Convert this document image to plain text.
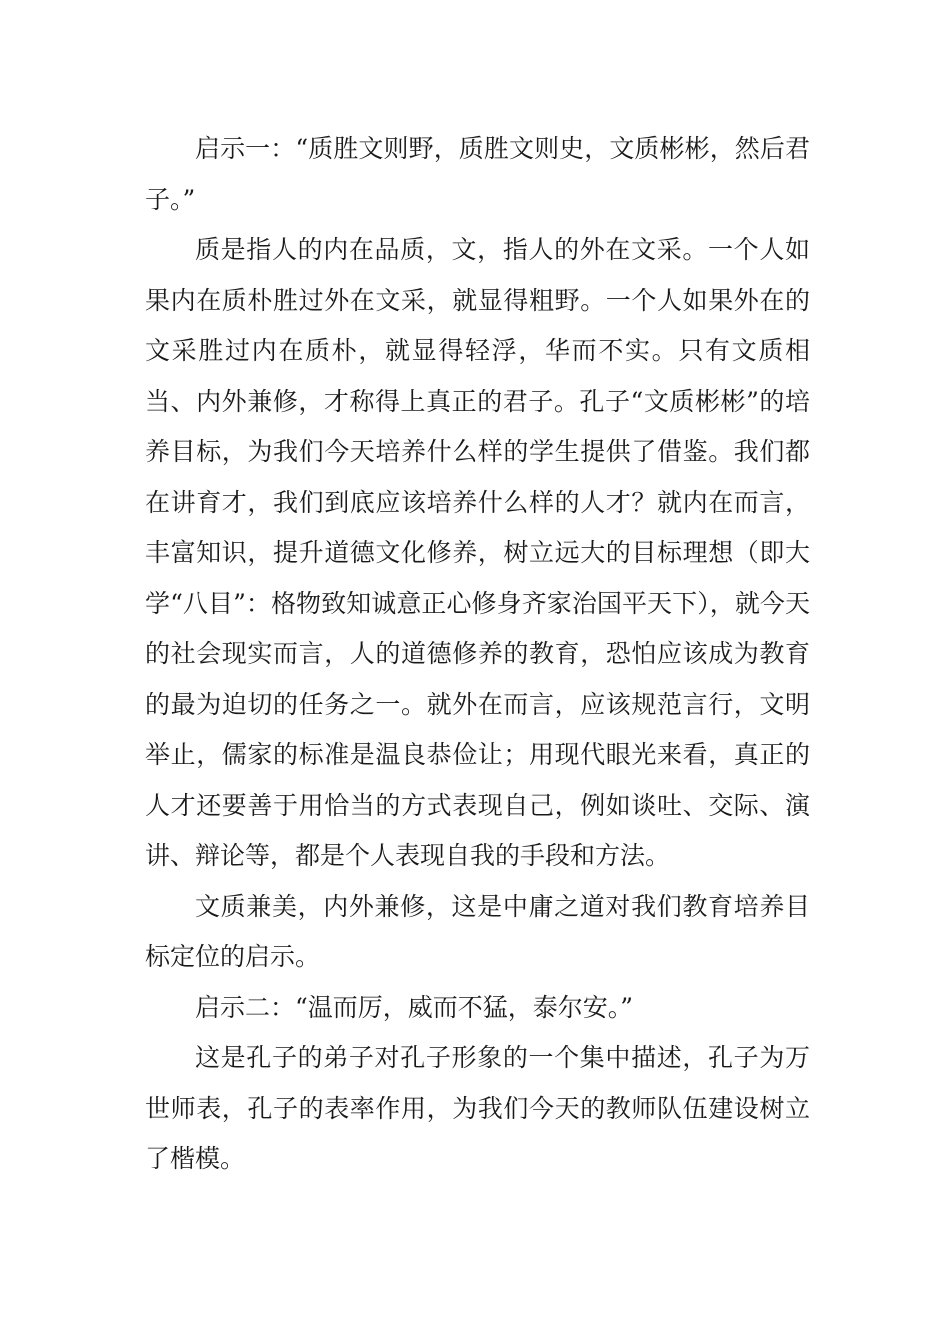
启示一：“质胜文则野，质胜文则史，文质彬彬，然后君子。”

质是指人的内在品质，文，指人的外在文采。一个人如果内在质朴胜过外在文采，就显得粗野。一个人如果外在的文采胜过内在质朴，就显得轻浮，华而不实。只有文质相当、内外兼修，才称得上真正的君子。孔子“文质彬彬”的培养目标，为我们今天培养什么样的学生提供了借鉴。我们都在讲育才，我们到底应该培养什么样的人才？就内在而言，丰富知识，提升道德文化修养，树立远大的目标理想（即大学“八目”：格物致知诚意正心修身齐家治国平天下），就今天的社会现实而言，人的道德修养的教育，恐怕应该成为教育的最为迫切的任务之一。就外在而言，应该规范言行，文明举止，儒家的标准是温良恭俭让；用现代眼光来看，真正的人才还要善于用恰当的方式表现自己，例如谈吐、交际、演讲、辩论等，都是个人表现自我的手段和方法。

文质兼美，内外兼修，这是中庸之道对我们教育培养目标定位的启示。

启示二：“温而厉，威而不猛，泰尔安。”

这是孔子的弟子对孔子形象的一个集中描述，孔子为万世师表，孔子的表率作用，为我们今天的教师队伍建设树立了楷模。
